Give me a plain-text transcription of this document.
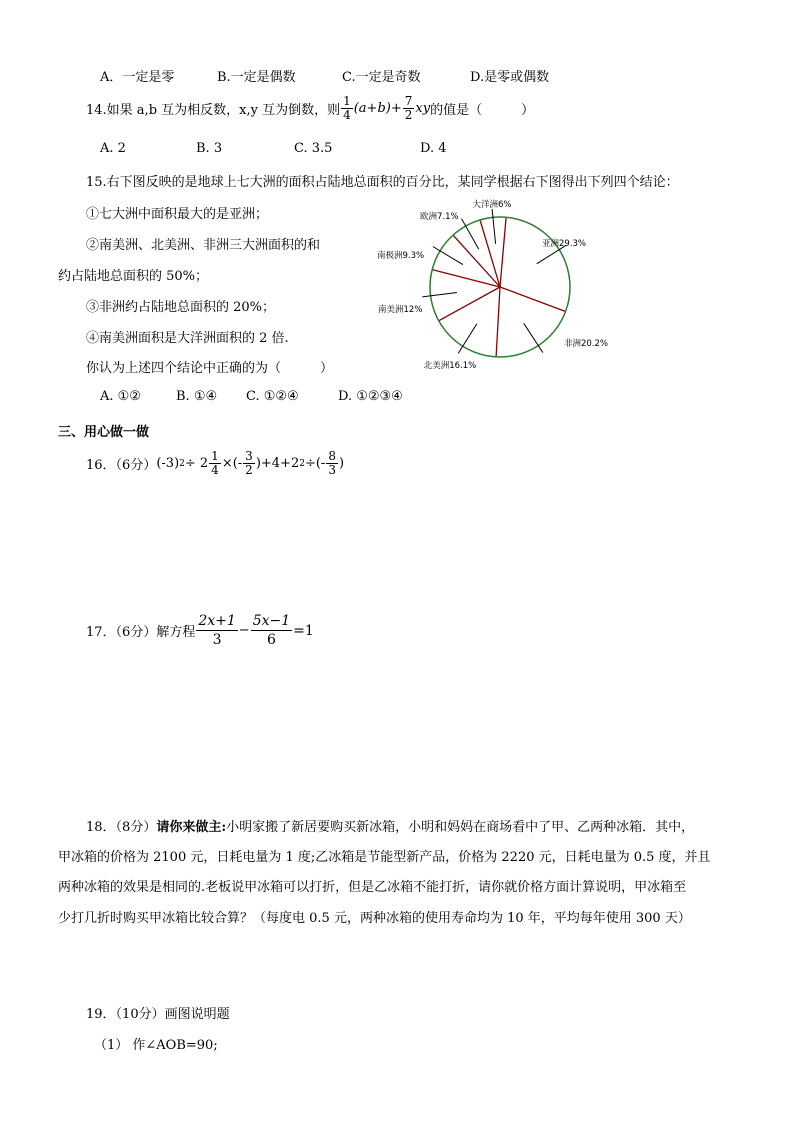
A．一定是零	B.一定是偶数	C.一定是奇数	D.是零或偶数
14.如果 a,b 互为相反数，x,y 互为倒数，则 $\frac{1}{4} (a+b)+ \frac{7}{2}$ xy 的值是（　　　）
A. 2	B. 3	C. 3.5	D. 4
15.右下图反映的是地球上七大洲的面积占陆地总面积的百分比，某同学根据右下图得出下列四个结论：
①七大洲中面积最大的是亚洲；
②南美洲、北美洲、非洲三大洲面积的和
约占陆地总面积的 50%；
③非洲约占陆地总面积的 20%；
④南美洲面积是大洋洲面积的 2 倍.
你认为上述四个结论中正确的为（　　　）
A. ①②	B. ①④ C. ①②④	D. ①②③④
亚洲29.3%
非洲20.2%
北美洲16.1%
南美洲12%
南极洲9.3%
欧洲7.1%
大洋洲6%
三、用心做一做
16．（6分） (-3) $2 \div 2 \frac{1}{4}$ ×(- $\frac{3}{2} )+4+2$ 2 ÷(- $\frac{8}{3}$ )
17．（6分）解方程 $\frac{2x+1}{3} - \frac{5x-1}{6} =1$
18．（8分）请你来做主:小明家搬了新居要购买新冰箱，小明和妈妈在商场看中了甲、乙两种冰箱．其中，
甲冰箱的价格为 2100 元，日耗电量为 1 度;乙冰箱是节能型新产品，价格为 2220 元，日耗电量为 0.5 度，并且
两种冰箱的效果是相同的.老板说甲冰箱可以打折，但是乙冰箱不能打折，请你就价格方面计算说明，甲冰箱至
少打几折时购买甲冰箱比较合算？（每度电 0.5 元，两种冰箱的使用寿命均为 10 年，平均每年使用 300 天）
19．（10分）画图说明题
（1） 作∠AOB=90;
